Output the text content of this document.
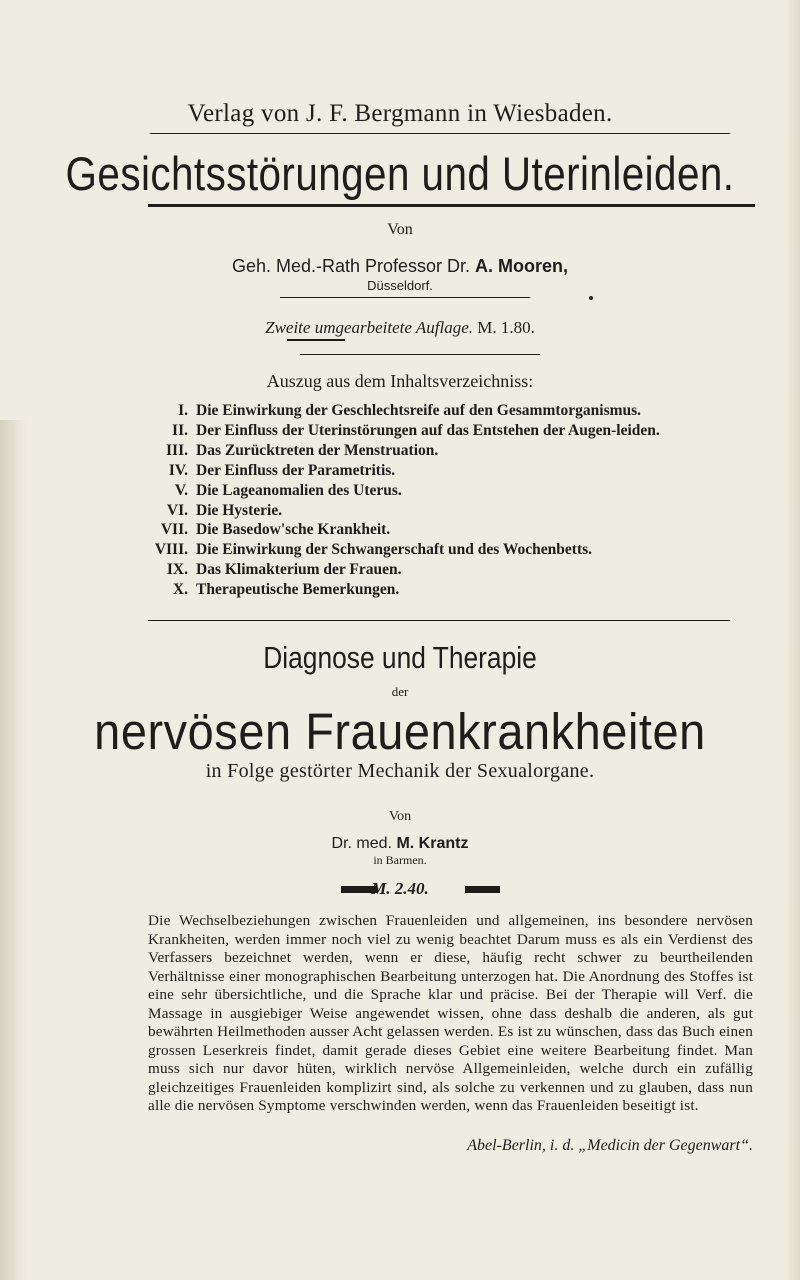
Verlag von J. F. Bergmann in Wiesbaden.
Gesichtsstörungen und Uterinleiden.
Von
Geh. Med.-Rath Professor Dr. A. Mooren,
Düsseldorf.
Zweite umgearbeitete Auflage. M. 1.80.
Auszug aus dem Inhaltsverzeichniss:
I. Die Einwirkung der Geschlechtsreife auf den Gesammtorganismus.
II. Der Einfluss der Uterinstörungen auf das Entstehen der Augen-leiden.
III. Das Zurücktreten der Menstruation.
IV. Der Einfluss der Parametritis.
V. Die Lageanomalien des Uterus.
VI. Die Hysterie.
VII. Die Basedow'sche Krankheit.
VIII. Die Einwirkung der Schwangerschaft und des Wochenbetts.
IX. Das Klimakterium der Frauen.
X. Therapeutische Bemerkungen.
Diagnose und Therapie
der
nervösen Frauenkrankheiten
in Folge gestörter Mechanik der Sexualorgane.
Von
Dr. med. M. Krantz
in Barmen.
M. 2.40.
Die Wechselbeziehungen zwischen Frauenleiden und allgemeinen, ins besondere nervösen Krankheiten, werden immer noch viel zu wenig beachtet Darum muss es als ein Verdienst des Verfassers bezeichnet werden, wenn er diese, häufig recht schwer zu beurtheilenden Verhältnisse einer monographischen Bearbeitung unterzogen hat. Die Anordnung des Stoffes ist eine sehr übersichtliche, und die Sprache klar und präcise. Bei der Therapie will Verf. die Massage in ausgiebiger Weise angewendet wissen, ohne dass deshalb die anderen, als gut bewährten Heilmethoden ausser Acht gelassen werden. Es ist zu wünschen, dass das Buch einen grossen Leserkreis findet, damit gerade dieses Gebiet eine weitere Bearbeitung findet. Man muss sich nur davor hüten, wirklich nervöse Allgemeinleiden, welche durch ein zufällig gleichzeitiges Frauenleiden komplizirt sind, als solche zu verkennen und zu glauben, dass nun alle die nervösen Symptome verschwinden werden, wenn das Frauenleiden beseitigt ist.
Abel-Berlin, i. d. „Medicin der Gegenwart“.
